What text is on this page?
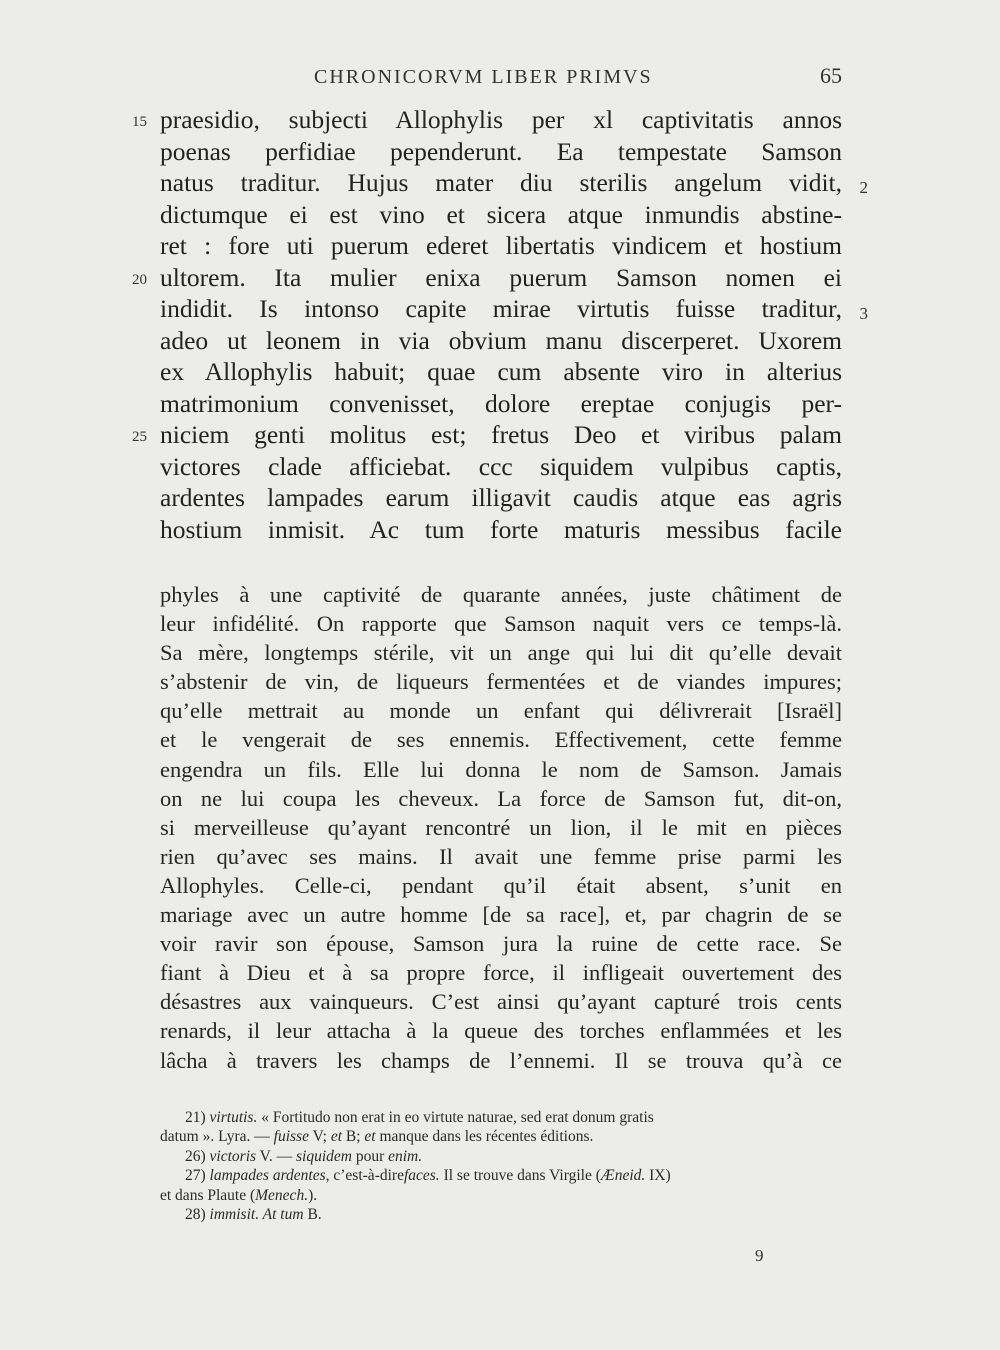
CHRONICORVM LIBER PRIMVS	65
praesidio, subjecti Allophylis per xl captivitatis annos
15
poenas perfidiae pependerunt. Ea tempestate Samson
natus traditur. Hujus mater diu sterilis angelum vidit, 2
dictumque ei est vino et sicera atque inmundis abstine-
ret : fore uti puerum ederet libertatis vindicem et hostium
ultorem. Ita mulier enixa puerum Samson nomen ei
20
indidit. Is intonso capite mirae virtutis fuisse traditur, 3
adeo ut leonem in via obvium manu discerperet. Uxorem
ex Allophylis habuit; quae cum absente viro in alterius
matrimonium convenisset, dolore ereptae conjugis per-
niciem genti molitus est; fretus Deo et viribus palam
25
victores clade afficiebat. ccc siquidem vulpibus captis,
ardentes lampades earum illigavit caudis atque eas agris
hostium inmisit. Ac tum forte maturis messibus facile
phyles à une captivité de quarante années, juste châtiment de
leur infidélité. On rapporte que Samson naquit vers ce temps-là.
Sa mère, longtemps stérile, vit un ange qui lui dit qu’elle devait
s’abstenir de vin, de liqueurs fermentées et de viandes impures;
qu’elle mettrait au monde un enfant qui délivrerait [Israël]
et le vengerait de ses ennemis. Effectivement, cette femme
engendra un fils. Elle lui donna le nom de Samson. Jamais
on ne lui coupa les cheveux. La force de Samson fut, dit-on,
si merveilleuse qu’ayant rencontré un lion, il le mit en pièces
rien qu’avec ses mains. Il avait une femme prise parmi les
Allophyles. Celle-ci, pendant qu’il était absent, s’unit en
mariage avec un autre homme [de sa race], et, par chagrin de se
voir ravir son épouse, Samson jura la ruine de cette race. Se
fiant à Dieu et à sa propre force, il infligeait ouvertement des
désastres aux vainqueurs. C’est ainsi qu’ayant capturé trois cents
renards, il leur attacha à la queue des torches enflammées et les
lâcha à travers les champs de l’ennemi. Il se trouva qu’à ce
21) virtutis. « Fortitudo non erat in eo virtute naturae, sed erat donum gratis
datum ». Lyra. — fuisse V; et B; et manque dans les récentes éditions.
26) victoris V. — siquidem pour enim.
27) lampades ardentes, c’est-à-direfaces. Il se trouve dans Virgile (Æneid. IX)
et dans Plaute (Menech.).
28) immisit. At tum B.
9
